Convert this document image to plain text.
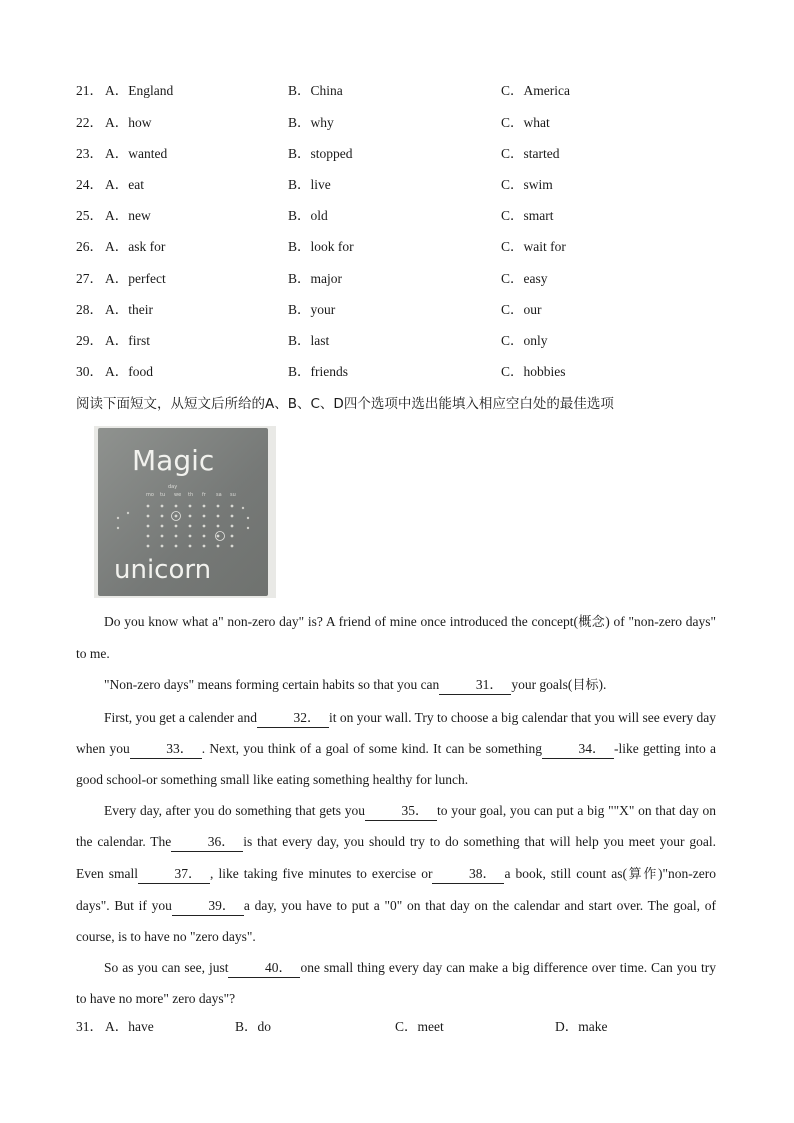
21． A．England	B．China	C．America
22． A．how	B．why	C．what
23． A．wanted	B．stopped	C．started
24． A．eat	B．live	C．swim
25． A．new	B．old	C．smart
26． A．ask for	B．look for	C．wait for
27． A．perfect	B．major	C．easy
28． A．their	B．your	C．our
29． A．first	B．last	C．only
30． A．food	B．friends	C．hobbies
阅读下面短文，从短文后所给的A、B、C、D四个选项中选出能填入相应空白处的最佳选项
Magic
unicorn
day
mo tu we th fr sa su

Do you know what a" non-zero day" is? A friend of mine once introduced the concept(概念) of "non-zero days" to me.

"Non-zero days" means forming certain habits so that you can	31． your goals(目标).

First, you get a calender and	32． it on your wall. Try to choose a big calendar that you will see every day when you	33． . Next, you think of a goal of some kind. It can be something	34． -like getting into a good school-or something small like eating something healthy for lunch.

Every day, after you do something that gets you	35． to your goal, you can put a big ""X" on that day on the calendar. The	36． is that every day, you should try to do something that will help you meet your goal. Even small	37． , like taking five minutes to exercise or	38． a book, still count as(算作)"non-zero days". But if you	39． a day, you have to put a "0" on that day on the calendar and start over. The goal, of course, is to have no "zero days".

So as you can see, just	40． one small thing every day can make a big difference over time. Can you try to have no more" zero days"?

31． A．have	B．do	C．meet	D．make
